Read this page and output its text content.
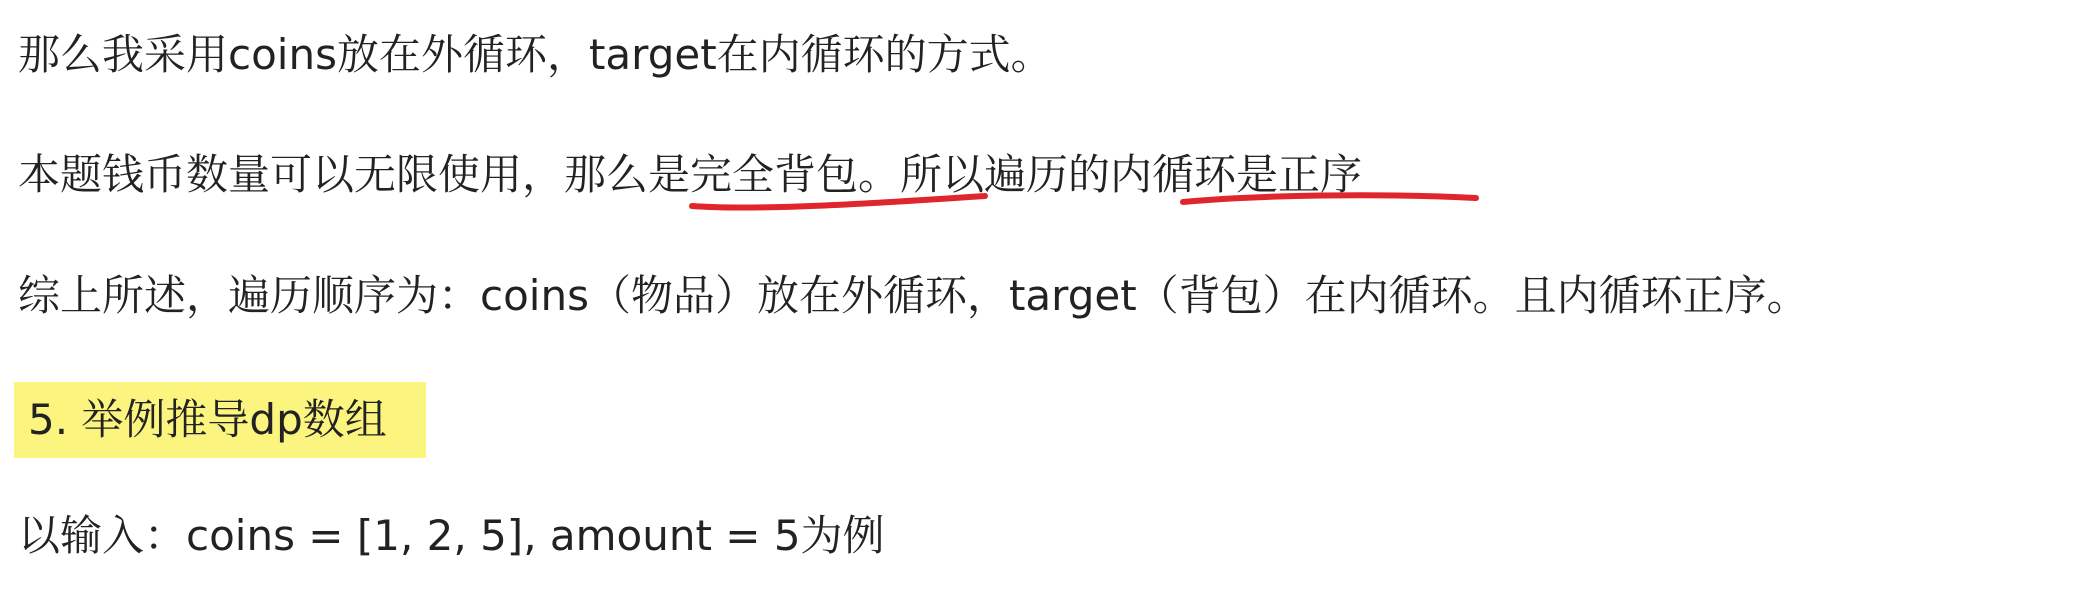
那么我采用coins放在外循环，target在内循环的方式。
本题钱币数量可以无限使用，那么是完全背包。所以遍历的内循环是正序
综上所述，遍历顺序为：coins（物品）放在外循环，target（背包）在内循环。且内循环正序。
5. 举例推导dp数组
以输入：coins = [1, 2, 5], amount = 5为例
